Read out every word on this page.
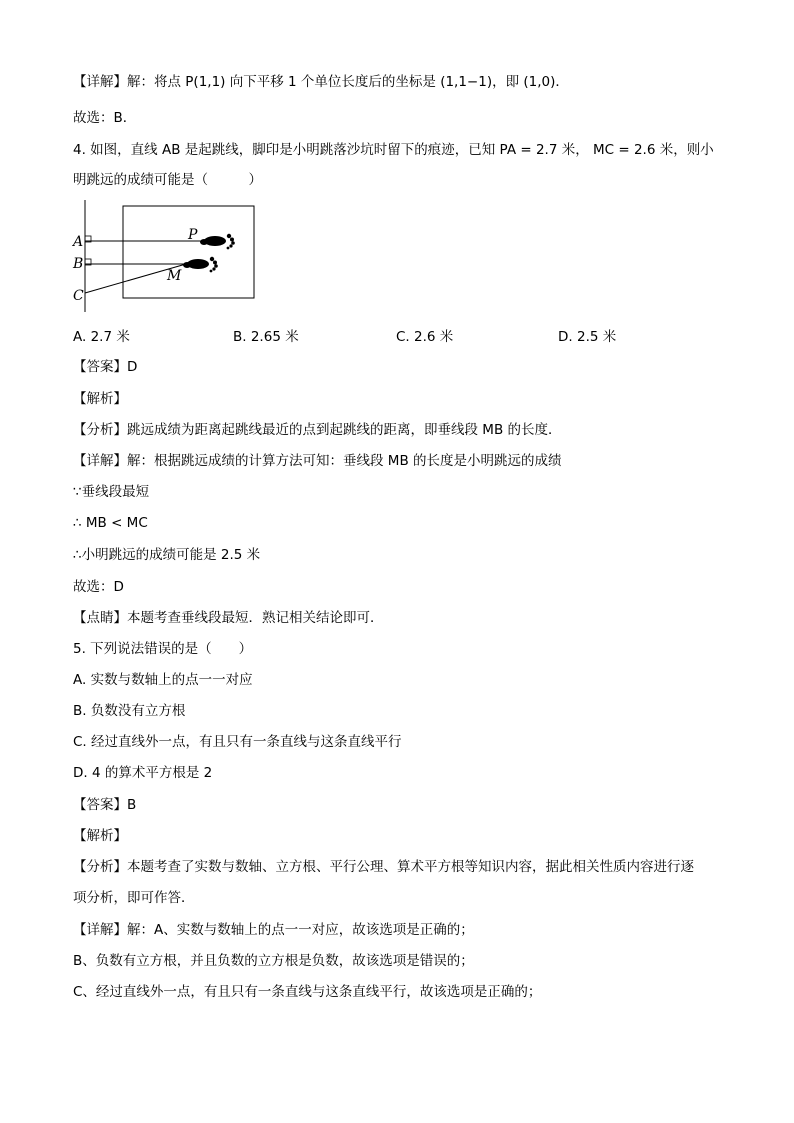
【详解】解：将点 P(1,1) 向下平移 1 个单位长度后的坐标是 (1,1−1)，即 (1,0)．
故选：B．
4. 如图，直线 AB 是起跳线，脚印是小明跳落沙坑时留下的痕迹，已知 PA = 2.7 米， MC = 2.6 米，则小
明跳远的成绩可能是（　　　）
A
B
C
P
M
A. 2.7 米	B. 2.65 米	C. 2.6 米	D. 2.5 米
【答案】D
【解析】
【分析】跳远成绩为距离起跳线最近的点到起跳线的距离，即垂线段 MB 的长度．
【详解】解：根据跳远成绩的计算方法可知：垂线段 MB 的长度是小明跳远的成绩
∵垂线段最短
∴ MB < MC
∴小明跳远的成绩可能是 2.5 米
故选：D
【点睛】本题考查垂线段最短．熟记相关结论即可．
5. 下列说法错误的是（　　）
A. 实数与数轴上的点一一对应
B. 负数没有立方根
C. 经过直线外一点，有且只有一条直线与这条直线平行
D. 4 的算术平方根是 2
【答案】B
【解析】
【分析】本题考查了实数与数轴、立方根、平行公理、算术平方根等知识内容，据此相关性质内容进行逐
项分析，即可作答．
【详解】解：A、实数与数轴上的点一一对应，故该选项是正确的；
B、负数有立方根，并且负数的立方根是负数，故该选项是错误的；
C、经过直线外一点，有且只有一条直线与这条直线平行，故该选项是正确的；
